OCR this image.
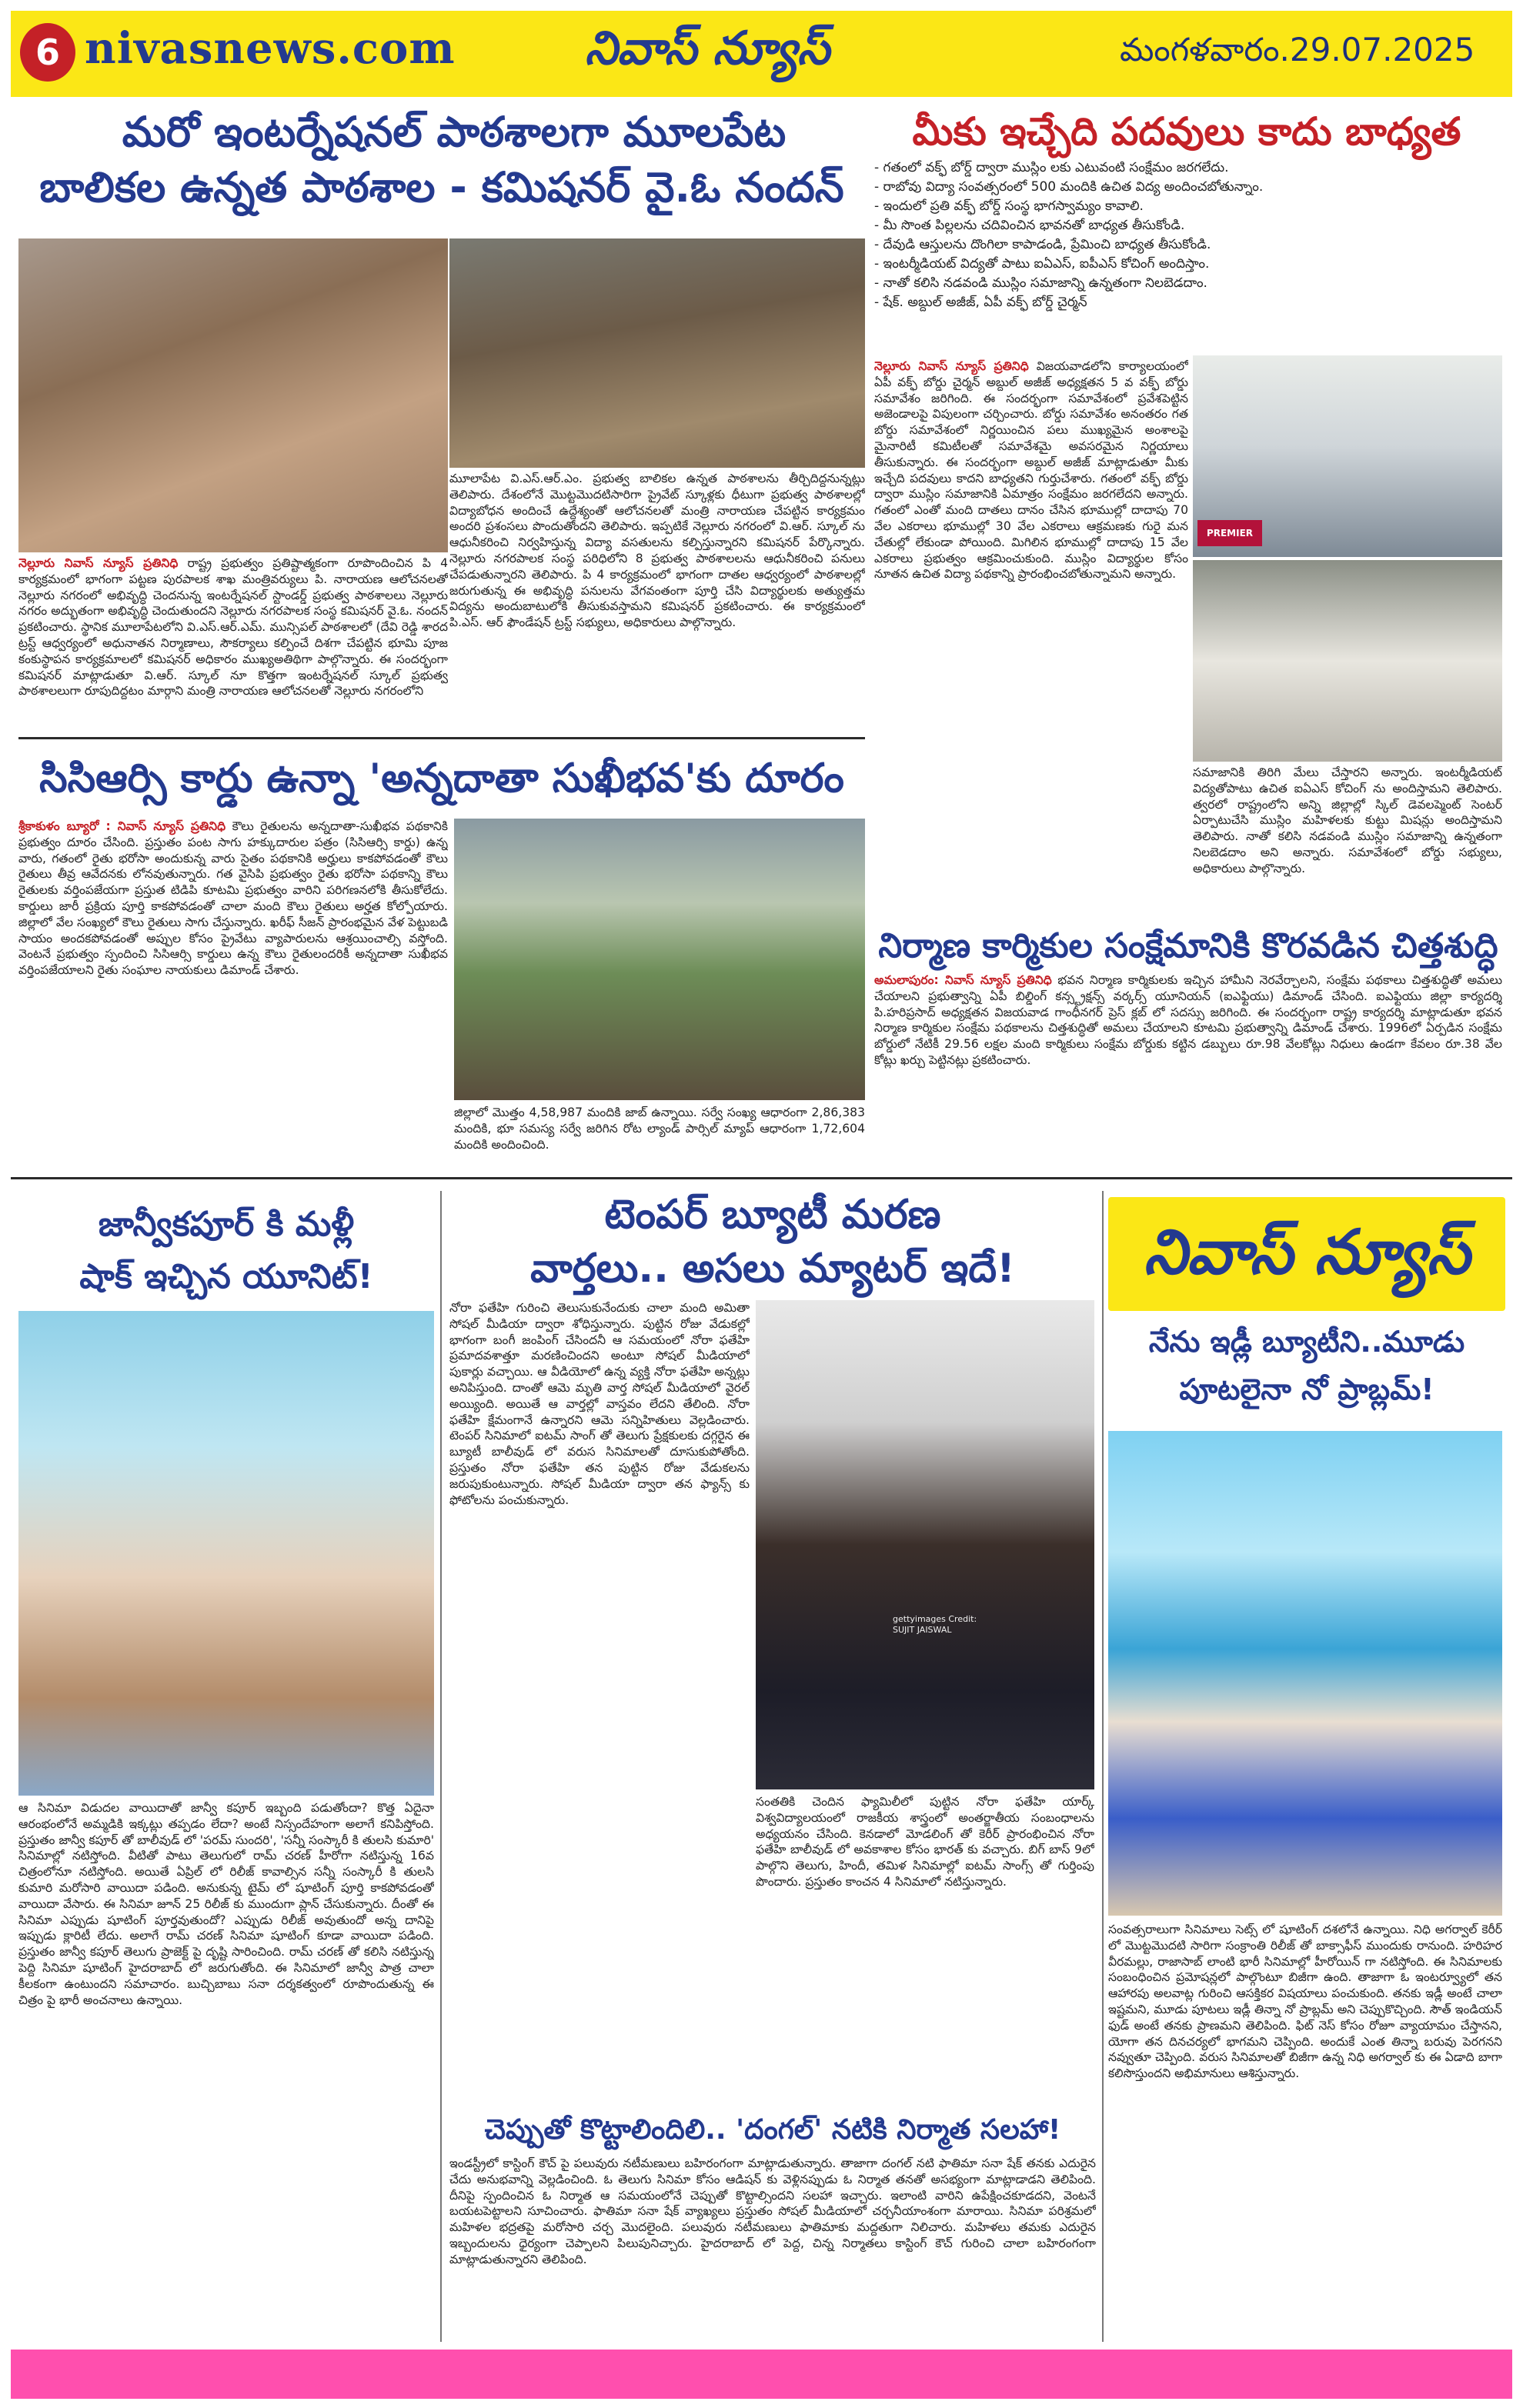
6 nivasnews.com	నివాస్ న్యూస్	మంగళవారం.29.07.2025
మరో ఇంటర్నేషనల్ పాఠశాలగా మూలపేట
బాలికల ఉన్నత పాఠశాల - కమిషనర్ వై.ఓ నందన్
నెల్లూరు నివాస్ న్యూస్ ప్రతినిధి రాష్ట్ర ప్రభుత్వం ప్రతిష్టాత్మకంగా రూపొందించిన పి 4 కార్యక్రమంలో భాగంగా పట్టణ పురపాలక శాఖ మంత్రివర్యులు పి. నారాయణ ఆలోచనలతో నెల్లూరు నగరంలో అభివృద్ధి చెందనున్న ఇంటర్నేషనల్ స్టాండర్డ్ ప్రభుత్వ పాఠశాలలు నెల్లూరు నగరం అద్భుతంగా అభివృద్ధి చెందుతుందని నెల్లూరు నగరపాలక సంస్థ కమిషనర్ వై.ఓ. నందన్ ప్రకటించారు. స్థానిక మూలాపేటలోని వి.ఎస్.ఆర్.ఎమ్. మున్సిపల్ పాఠశాలలో (దేవి రెడ్డి శారద ట్రస్ట్ ఆధ్వర్యంలో అధునాతన నిర్మాణాలు, సౌకర్యాలు కల్పించే దిశగా చేపట్టిన భూమి పూజ కంకుస్థాపన కార్యక్రమాలలో కమిషనర్ అధికారం ముఖ్యఅతిథిగా పాల్గొన్నారు. ఈ సందర్భంగా కమిషనర్ మాట్లాడుతూ వి.ఆర్. స్కూల్ నూ కొత్తగా ఇంటర్నేషనల్ స్కూల్ ప్రభుత్వ పాఠశాలలుగా రూపుదిద్దటం మార్గాని మంత్రి నారాయణ ఆలోచనలతో నెల్లూరు నగరంలోని
మూలాపేట వి.ఎస్.ఆర్.ఎం. ప్రభుత్వ బాలికల ఉన్నత పాఠశాలను తీర్చిదిద్దనున్నట్లు తెలిపారు. దేశంలోనే మొట్టమొదటిసారిగా ప్రైవేట్ స్కూళ్లకు ధీటుగా ప్రభుత్వ పాఠశాలల్లో విద్యాబోధన అందించే ఉద్దేశ్యంతో ఆలోచనలతో మంత్రి నారాయణ చేపట్టిన కార్యక్రమం అందరి ప్రశంసలు పొందుతోందని తెలిపారు. ఇప్పటికే నెల్లూరు నగరంలో వి.ఆర్. స్కూల్ ను ఆధునీకరించి నిర్వహిస్తున్న విద్యా వసతులను కల్పిస్తున్నారని కమిషనర్ పేర్కొన్నారు. నెల్లూరు నగరపాలక సంస్థ పరిధిలోని 8 ప్రభుత్వ పాఠశాలలను ఆధునీకరించి పనులు చేపడుతున్నారని తెలిపారు. పి 4 కార్యక్రమంలో భాగంగా దాతల ఆధ్వర్యంలో పాఠశాలల్లో జరుగుతున్న ఈ అభివృద్ధి పనులను వేగవంతంగా పూర్తి చేసి విద్యార్థులకు అత్యుత్తమ విద్యను అందుబాటులోకి తీసుకువస్తామని కమిషనర్ ప్రకటించారు. ఈ కార్యక్రమంలో పి.ఎస్. ఆర్ ఫౌండేషన్ ట్రస్ట్ సభ్యులు, అధికారులు పాల్గొన్నారు.
మీకు ఇచ్చేది పదవులు కాదు బాధ్యత
- గతంలో వక్ఫ్ బోర్డ్ ద్వారా ముస్లిం లకు ఎటువంటి సంక్షేమం జరగలేదు.
- రాబోవు విద్యా సంవత్సరంలో 500 మందికి ఉచిత విద్య అందించబోతున్నాం.
- ఇందులో ప్రతి వక్ఫ్ బోర్డ్ సంస్థ భాగస్వామ్యం కావాలి.
- మీ సొంత పిల్లలను చదివించిన భావనతో బాధ్యత తీసుకోండి.
- దేవుడి ఆస్తులను దొంగిలా కాపాడండి, ప్రేమించి బాధ్యత తీసుకోండి.
- ఇంటర్మీడియట్ విద్యతో పాటు ఐఏఎస్, ఐపీఎస్ కోచింగ్ అందిస్తాం.
- నాతో కలిసి నడవండి ముస్లిం సమాజాన్ని ఉన్నతంగా నిలబెడదాం.
- షేక్. అబ్దుల్ అజీజ్, ఏపీ వక్ఫ్ బోర్డ్ చైర్మన్
నెల్లూరు నివాస్ న్యూస్ ప్రతినిధి విజయవాడలోని కార్యాలయంలో ఏపీ వక్ఫ్ బోర్డు చైర్మన్ అబ్దుల్ అజీజ్ అధ్యక్షతన 5 వ వక్ఫ్ బోర్డు సమావేశం జరిగింది. ఈ సందర్భంగా సమావేశంలో ప్రవేశపెట్టిన అజెండాలపై విపులంగా చర్చించారు. బోర్డు సమావేశం అనంతరం గత బోర్డు సమావేశంలో నిర్ణయించిన పలు ముఖ్యమైన అంశాలపై మైనారిటీ కమిటీలతో సమావేశమై అవసరమైన నిర్ణయాలు తీసుకున్నారు. ఈ సందర్భంగా అబ్దుల్ అజీజ్ మాట్లాడుతూ మీకు ఇచ్చేది పదవులు కాదని బాధ్యతని గుర్తుచేశారు. గతంలో వక్ఫ్ బోర్డు ద్వారా ముస్లిం సమాజానికి ఏమాత్రం సంక్షేమం జరగలేదని అన్నారు. గతంలో ఎంతో మంది దాతలు దానం చేసిన భూముల్లో దాదాపు 70 వేల ఎకరాలు భూముల్లో 30 వేల ఎకరాలు ఆక్రమణకు గురై మన చేతుల్లో లేకుండా పోయింది. మిగిలిన భూముల్లో దాదాపు 15 వేల ఎకరాలు ప్రభుత్వం ఆక్రమించుకుంది. ముస్లిం విద్యార్థుల కోసం నూతన ఉచిత విద్యా పథకాన్ని ప్రారంభించబోతున్నామని అన్నారు.
PREMIER
సమాజానికి తిరిగి మేలు చేస్తారని అన్నారు. ఇంటర్మీడియట్ విద్యతోపాటు ఉచిత ఐఏఎస్ కోచింగ్ ను అందిస్తామని తెలిపారు. త్వరలో రాష్ట్రంలోని అన్ని జిల్లాల్లో స్కిల్ డెవలప్మెంట్ సెంటర్ ఏర్పాటుచేసి ముస్లిం మహిళలకు కుట్టు మిషన్లు అందిస్తామని తెలిపారు. నాతో కలిసి నడవండి ముస్లిం సమాజాన్ని ఉన్నతంగా నిలబెడదాం అని అన్నారు. సమావేశంలో బోర్డు సభ్యులు, అధికారులు పాల్గొన్నారు.
సిసిఆర్సి కార్డు ఉన్నా 'అన్నదాతా సుఖీభవ'కు దూరం
శ్రీకాకుళం బ్యూరో : నివాస్ న్యూస్ ప్రతినిధి కౌలు రైతులను అన్నదాతా-సుఖీభవ పథకానికి ప్రభుత్వం దూరం చేసింది. ప్రస్తుతం పంట సాగు హక్కుదారుల పత్రం (సిసిఆర్సి కార్డు) ఉన్న వారు, గతంలో రైతు భరోసా అందుకున్న వారు సైతం పథకానికి అర్హులు కాకపోవడంతో కౌలు రైతులు తీవ్ర ఆవేదనకు లోనవుతున్నారు. గత వైసిపి ప్రభుత్వం రైతు భరోసా పథకాన్ని కౌలు రైతులకు వర్తింపజేయగా ప్రస్తుత టిడిపి కూటమి ప్రభుత్వం వారిని పరిగణనలోకి తీసుకోలేదు. కార్డులు జారీ ప్రక్రియ పూర్తి కాకపోవడంతో చాలా మంది కౌలు రైతులు అర్హత కోల్పోయారు. జిల్లాలో వేల సంఖ్యలో కౌలు రైతులు సాగు చేస్తున్నారు. ఖరీఫ్ సీజన్ ప్రారంభమైన వేళ పెట్టుబడి సాయం అందకపోవడంతో అప్పుల కోసం ప్రైవేటు వ్యాపారులను ఆశ్రయించాల్సి వస్తోంది. వెంటనే ప్రభుత్వం స్పందించి సిసిఆర్సి కార్డులు ఉన్న కౌలు రైతులందరికీ అన్నదాతా సుఖీభవ వర్తింపజేయాలని రైతు సంఘాల నాయకులు డిమాండ్ చేశారు.
జిల్లాలో మొత్తం 4,58,987 మందికి జాబ్ ఉన్నాయి. సర్వే సంఖ్య ఆధారంగా 2,86,383 మందికి, భూ సమస్య సర్వే జరిగిన రోట ల్యాండ్ పార్సిల్ మ్యాప్ ఆధారంగా 1,72,604 మందికి అందించింది.
నిర్మాణ కార్మికుల సంక్షేమానికి కొరవడిన చిత్తశుద్ధి
అమలాపురం: నివాస్ న్యూస్ ప్రతినిధి భవన నిర్మాణ కార్మికులకు ఇచ్చిన హామీని నెరవేర్చాలని, సంక్షేమ పథకాలు చిత్తశుద్ధితో అమలు చేయాలని ప్రభుత్వాన్ని ఏపీ బిల్డింగ్ కన్స్ట్రక్షన్స్ వర్కర్స్ యూనియన్ (ఐఎఫ్టియు) డిమాండ్ చేసింది. ఐఎఫ్టియు జిల్లా కార్యదర్శి పి.హరిప్రసాద్ అధ్యక్షతన విజయవాడ గాంధీనగర్ ప్రెస్ క్లబ్ లో సదస్సు జరిగింది. ఈ సందర్భంగా రాష్ట్ర కార్యదర్శి మాట్లాడుతూ భవన నిర్మాణ కార్మికుల సంక్షేమ పథకాలను చిత్తశుద్ధితో అమలు చేయాలని కూటమి ప్రభుత్వాన్ని డిమాండ్ చేశారు. 1996లో ఏర్పడిన సంక్షేమ బోర్డులో నేటికీ 29.56 లక్షల మంది కార్మికులు సంక్షేమ బోర్డుకు కట్టిన డబ్బులు రూ.98 వేలకోట్లు నిధులు ఉండగా కేవలం రూ.38 వేల కోట్లు ఖర్చు పెట్టినట్లు ప్రకటించారు.
జాన్వీకపూర్ కి మళ్లీ
షాక్ ఇచ్చిన యూనిట్!
ఆ సినిమా విడుదల వాయిదాతో జాన్వీ కపూర్ ఇబ్బంది పడుతోందా? కొత్త ఏదైనా ఆరంభంలోనే అమ్మడికి ఇక్కట్లు తప్పడం లేదా? అంటే నిస్సందేహంగా అలాగే కనిపిస్తోంది. ప్రస్తుతం జాన్వీ కపూర్ తో బాలీవుడ్ లో 'పరమ్ సుందరి', 'సన్నీ సంస్కారీ కి తులసి కుమారి' సినిమాల్లో నటిస్తోంది. వీటితో పాటు తెలుగులో రామ్ చరణ్ హీరోగా నటిస్తున్న 16వ చిత్రంలోనూ నటిస్తోంది. అయితే ఏప్రిల్ లో రిలీజ్ కావాల్సిన సన్నీ సంస్కారీ కి తులసి కుమారి మరోసారి వాయిదా పడింది. అనుకున్న టైమ్ లో షూటింగ్ పూర్తి కాకపోవడంతో వాయిదా వేసారు. ఈ సినిమా జూన్ 25 రిలీజ్ కు ముందుగా ప్లాన్ చేసుకున్నారు. దీంతో ఈ సినిమా ఎప్పుడు షూటింగ్ పూర్తవుతుందో? ఎప్పుడు రిలీజ్ అవుతుందో అన్న దానిపై ఇప్పుడు క్లారిటీ లేదు. అలాగే రామ్ చరణ్ సినిమా షూటింగ్ కూడా వాయిదా పడింది. ప్రస్తుతం జాన్వీ కపూర్ తెలుగు ప్రాజెక్ట్ పై దృష్టి సారించింది. రామ్ చరణ్ తో కలిసి నటిస్తున్న పెద్ది సినిమా షూటింగ్ హైదరాబాద్ లో జరుగుతోంది. ఈ సినిమాలో జాన్వీ పాత్ర చాలా కీలకంగా ఉంటుందని సమాచారం. బుచ్చిబాబు సనా దర్శకత్వంలో రూపొందుతున్న ఈ చిత్రం పై భారీ అంచనాలు ఉన్నాయి.
టెంపర్ బ్యూటీ మరణ
వార్తలు.. అసలు మ్యాటర్ ఇదే!
నోరా ఫతేహి గురించి తెలుసుకునేందుకు చాలా మంది అమితా సోషల్ మీడియా ద్వారా శోధిస్తున్నారు. పుట్టిన రోజు వేడుకల్లో భాగంగా బంగీ జంపింగ్ చేసిందనీ ఆ సమయంలో నోరా ఫతేహి ప్రమాదవశాత్తూ మరణించిందని అంటూ సోషల్ మీడియాలో పుకార్లు వచ్చాయి. ఆ వీడియోలో ఉన్న వ్యక్తి నోరా ఫతేహి అన్నట్లు అనిపిస్తుంది. దాంతో ఆమె మృతి వార్త సోషల్ మీడియాలో వైరల్ అయ్యింది. అయితే ఆ వార్తల్లో వాస్తవం లేదని తేలింది. నోరా ఫతేహి క్షేమంగానే ఉన్నారని ఆమె సన్నిహితులు వెల్లడించారు. టెంపర్ సినిమాలో ఐటమ్ సాంగ్ తో తెలుగు ప్రేక్షకులకు దగ్గరైన ఈ బ్యూటీ బాలీవుడ్ లో వరుస సినిమాలతో దూసుకుపోతోంది. ప్రస్తుతం నోరా ఫతేహి తన పుట్టిన రోజు వేడుకలను జరుపుకుంటున్నారు. సోషల్ మీడియా ద్వారా తన ఫ్యాన్స్ కు ఫోటోలను పంచుకున్నారు.
gettyimages Credit: SUJIT JAISWAL
సంతతికి చెందిన ఫ్యామిలీలో పుట్టిన నోరా ఫతేహి యార్క్ విశ్వవిద్యాలయంలో రాజకీయ శాస్త్రంలో అంతర్జాతీయ సంబంధాలను అధ్యయనం చేసింది. కెనడాలో మోడలింగ్ తో కెరీర్ ప్రారంభించిన నోరా ఫతేహి బాలీవుడ్ లో అవకాశాల కోసం భారత్ కు వచ్చారు. బిగ్ బాస్ 9లో పాల్గొని తెలుగు, హిందీ, తమిళ సినిమాల్లో ఐటమ్ సాంగ్స్ తో గుర్తింపు పొందారు. ప్రస్తుతం కాంచన 4 సినిమాలో నటిస్తున్నారు.
చెప్పుతో కొట్టాలిందిలి.. 'దంగల్' నటికి నిర్మాత సలహా!
ఇండస్ట్రీలో కాస్టింగ్ కౌచ్ పై పలువురు నటీమణులు బహిరంగంగా మాట్లాడుతున్నారు. తాజాగా దంగల్ నటి ఫాతిమా సనా షేక్ తనకు ఎదురైన చేదు అనుభవాన్ని వెల్లడించింది. ఓ తెలుగు సినిమా కోసం ఆడిషన్ కు వెళ్లినప్పుడు ఓ నిర్మాత తనతో అసభ్యంగా మాట్లాడాడని తెలిపింది. దీనిపై స్పందించిన ఓ నిర్మాత ఆ సమయంలోనే చెప్పుతో కొట్టాల్సిందని సలహా ఇచ్చారు. ఇలాంటి వారిని ఉపేక్షించకూడదని, వెంటనే బయటపెట్టాలని సూచించారు. ఫాతిమా సనా షేక్ వ్యాఖ్యలు ప్రస్తుతం సోషల్ మీడియాలో చర్చనీయాంశంగా మారాయి. సినిమా పరిశ్రమలో మహిళల భద్రతపై మరోసారి చర్చ మొదలైంది. పలువురు నటీమణులు ఫాతిమాకు మద్దతుగా నిలిచారు. మహిళలు తమకు ఎదురైన ఇబ్బందులను ధైర్యంగా చెప్పాలని పిలుపునిచ్చారు. హైదరాబాద్ లో పెద్ద, చిన్న నిర్మాతలు కాస్టింగ్ కౌచ్ గురించి చాలా బహిరంగంగా మాట్లాడుతున్నారని తెలిపింది.
నివాస్ న్యూస్
నేను ఇడ్లీ బ్యూటీని..మూడు
పూటలైనా నో ప్రాబ్లమ్!
సంవత్సరాలుగా సినిమాలు సెట్స్ లో షూటింగ్ దశలోనే ఉన్నాయి. నిధి అగర్వాల్ కెరీర్ లో మొట్టమొదటి సారిగా సంక్రాంతి రిలీజ్ తో బాక్సాఫీస్ ముందుకు రానుంది. హరిహర వీరమల్లు, రాజాసాబ్ లాంటి భారీ సినిమాల్లో హీరోయిన్ గా నటిస్తోంది. ఈ సినిమాలకు సంబంధించిన ప్రమోషన్లలో పాల్గొంటూ బిజీగా ఉంది. తాజాగా ఓ ఇంటర్వ్యూలో తన ఆహారపు అలవాట్ల గురించి ఆసక్తికర విషయాలు పంచుకుంది. తనకు ఇడ్లీ అంటే చాలా ఇష్టమని, మూడు పూటలు ఇడ్లీ తిన్నా నో ప్రాబ్లమ్ అని చెప్పుకొచ్చింది. సౌత్ ఇండియన్ ఫుడ్ అంటే తనకు ప్రాణమని తెలిపింది. ఫిట్ నెస్ కోసం రోజూ వ్యాయామం చేస్తానని, యోగా తన దినచర్యలో భాగమని చెప్పింది. అందుకే ఎంత తిన్నా బరువు పెరగనని నవ్వుతూ చెప్పింది. వరుస సినిమాలతో బిజీగా ఉన్న నిధి అగర్వాల్ కు ఈ ఏడాది బాగా కలిసొస్తుందని అభిమానులు ఆశిస్తున్నారు.
